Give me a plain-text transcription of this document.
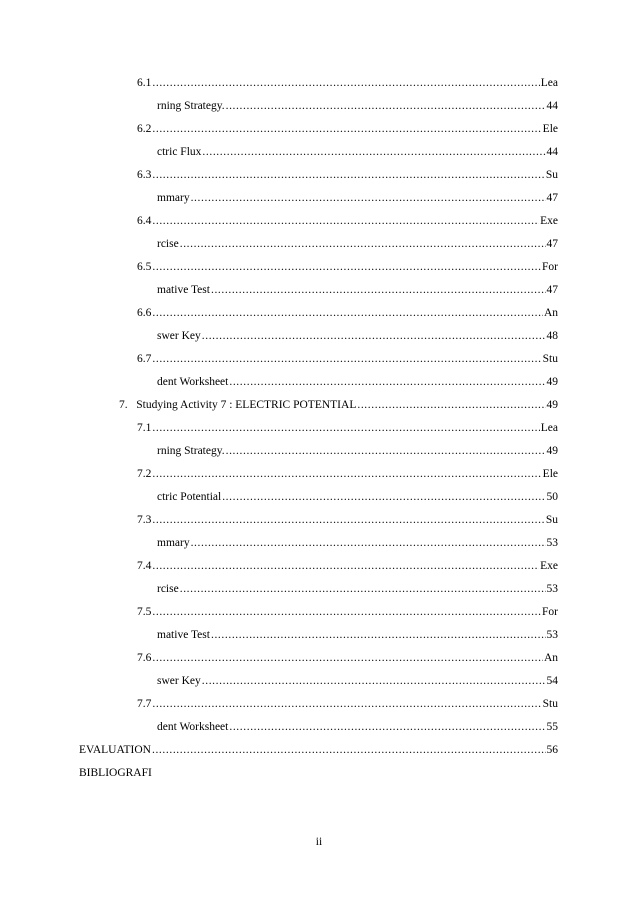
6.1 .....	Lea
rning Strategy. .....	44
6.2 .....	Ele
ctric Flux .....	44
6.3 .....	Su
mmary .....	47
6.4 .....	Exe
rcise .....	47
6.5 .....	For
mative Test .....	47
6.6 .....	An
swer Key .....	48
6.7 .....	Stu
dent Worksheet .....	49
7.   Studying Activity 7 : ELECTRIC POTENTIAL .....	49
7.1 .....	Lea
rning Strategy. .....	49
7.2 .....	Ele
ctric Potential .....	50
7.3 .....	Su
mmary .....	53
7.4 .....	Exe
rcise .....	53
7.5 .....	For
mative Test .....	53
7.6 .....	An
swer Key .....	54
7.7 .....	Stu
dent Worksheet .....	55
EVALUATION .....	56
BIBLIOGRAFI
ii
